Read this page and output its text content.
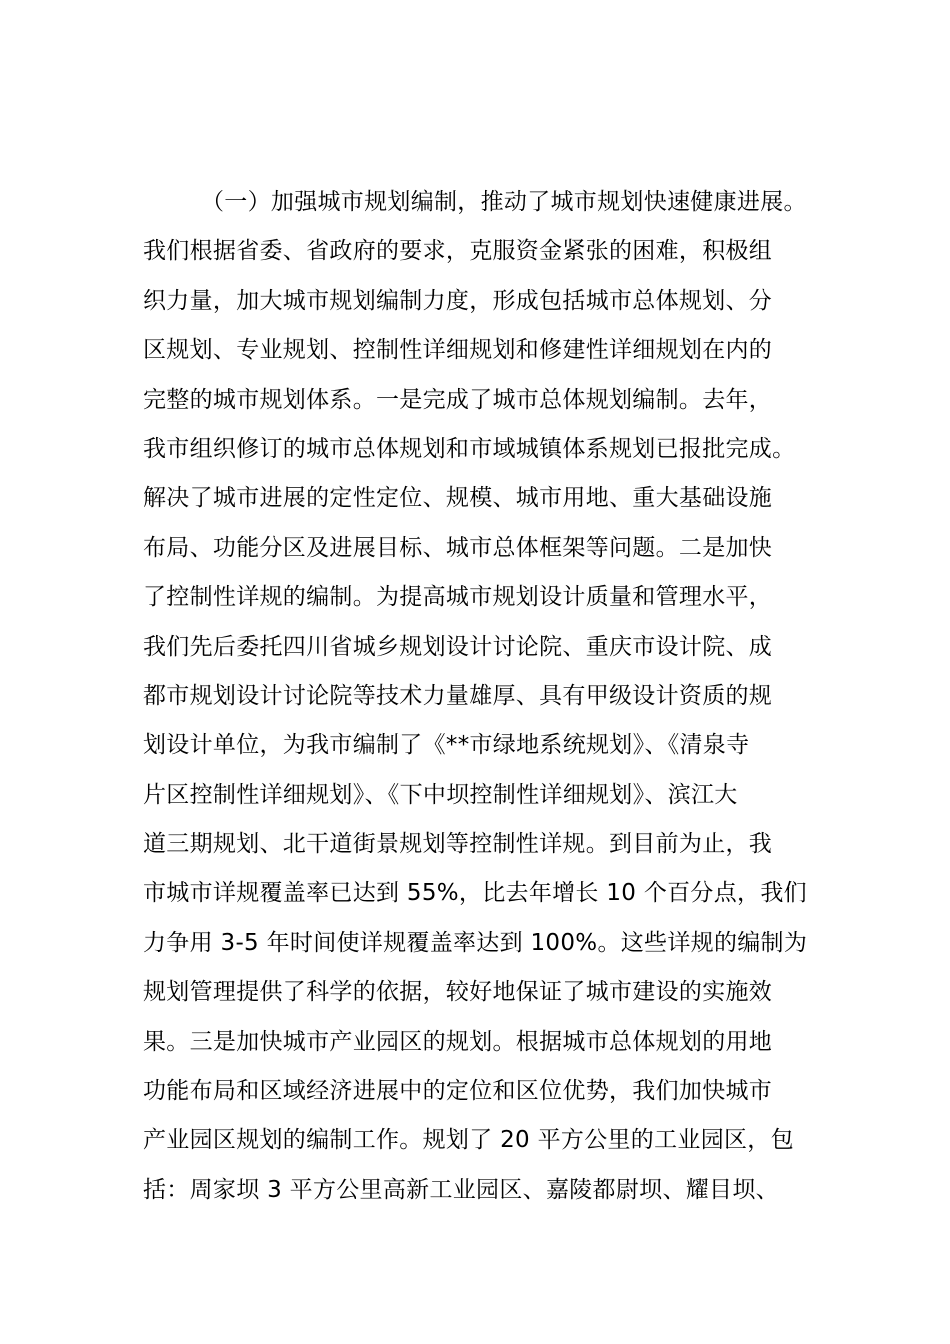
（一）加强城市规划编制，推动了城市规划快速健康进展。
我们根据省委、省政府的要求，克服资金紧张的困难，积极组
织力量，加大城市规划编制力度，形成包括城市总体规划、分
区规划、专业规划、控制性详细规划和修建性详细规划在内的
完整的城市规划体系。一是完成了城市总体规划编制。去年，
我市组织修订的城市总体规划和市域城镇体系规划已报批完成。
解决了城市进展的定性定位、规模、城市用地、重大基础设施
布局、功能分区及进展目标、城市总体框架等问题。二是加快
了控制性详规的编制。为提高城市规划设计质量和管理水平，
我们先后委托四川省城乡规划设计讨论院、重庆市设计院、成
都市规划设计讨论院等技术力量雄厚、具有甲级设计资质的规
划设计单位，为我市编制了《**市绿地系统规划》、《清泉寺
片区控制性详细规划》、《下中坝控制性详细规划》、滨江大
道三期规划、北干道街景规划等控制性详规。到目前为止，我
市城市详规覆盖率已达到 55%，比去年增长 10 个百分点，我们
力争用 3-5 年时间使详规覆盖率达到 100%。这些详规的编制为
规划管理提供了科学的依据，较好地保证了城市建设的实施效
果。三是加快城市产业园区的规划。根据城市总体规划的用地
功能布局和区域经济进展中的定位和区位优势，我们加快城市
产业园区规划的编制工作。规划了 20 平方公里的工业园区，包
括：周家坝 3 平方公里高新工业园区、嘉陵都尉坝、耀目坝、
